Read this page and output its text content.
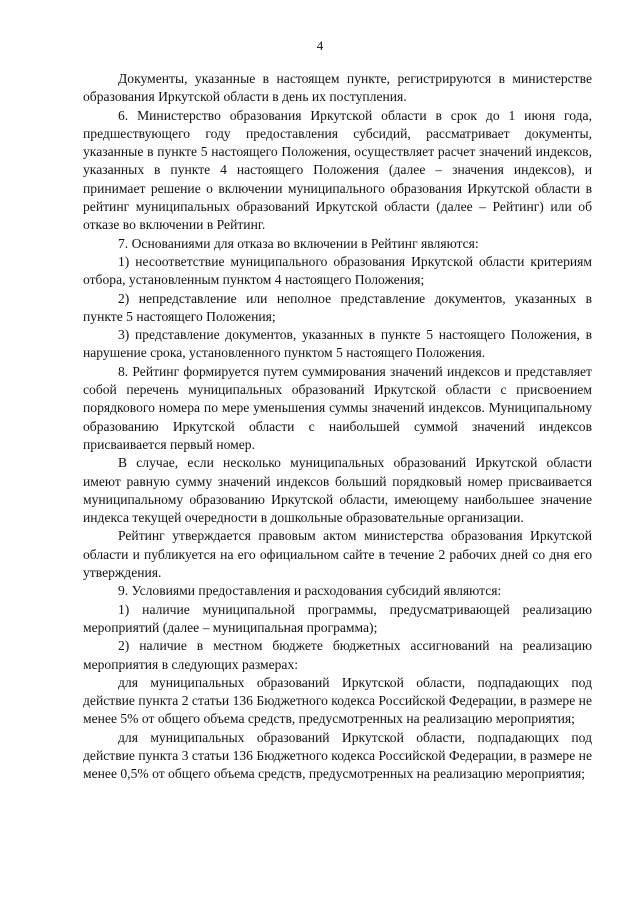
4

Документы, указанные в настоящем пункте, регистрируются в министерстве образования Иркутской области в день их поступления.

6. Министерство образования Иркутской области в срок до 1 июня года, предшествующего году предоставления субсидий, рассматривает документы, указанные в пункте 5 настоящего Положения, осуществляет расчет значений индексов, указанных в пункте 4 настоящего Положения (далее – значения индексов), и принимает решение о включении муниципального образования Иркутской области в рейтинг муниципальных образований Иркутской области (далее – Рейтинг) или об отказе во включении в Рейтинг.

7. Основаниями для отказа во включении в Рейтинг являются:

1) несоответствие муниципального образования Иркутской области критериям отбора, установленным пунктом 4 настоящего Положения;

2) непредставление или неполное представление документов, указанных в пункте 5 настоящего Положения;

3) представление документов, указанных в пункте 5 настоящего Положения, в нарушение срока, установленного пунктом 5 настоящего Положения.

8. Рейтинг формируется путем суммирования значений индексов и представляет собой перечень муниципальных образований Иркутской области с присвоением порядкового номера по мере уменьшения суммы значений индексов. Муниципальному образованию Иркутской области с наибольшей суммой значений индексов присваивается первый номер.

В случае, если несколько муниципальных образований Иркутской области имеют равную сумму значений индексов больший порядковый номер присваивается муниципальному образованию Иркутской области, имеющему наибольшее значение индекса текущей очередности в дошкольные образовательные организации.

Рейтинг утверждается правовым актом министерства образования Иркутской области и публикуется на его официальном сайте в течение 2 рабочих дней со дня его утверждения.

9. Условиями предоставления и расходования субсидий являются:

1) наличие муниципальной программы, предусматривающей реализацию мероприятий (далее – муниципальная программа);

2) наличие в местном бюджете бюджетных ассигнований на реализацию мероприятия в следующих размерах:

для муниципальных образований Иркутской области, подпадающих под действие пункта 2 статьи 136 Бюджетного кодекса Российской Федерации, в размере не менее 5% от общего объема средств, предусмотренных на реализацию мероприятия;

для муниципальных образований Иркутской области, подпадающих под действие пункта 3 статьи 136 Бюджетного кодекса Российской Федерации, в размере не менее 0,5% от общего объема средств, предусмотренных на реализацию мероприятия;
